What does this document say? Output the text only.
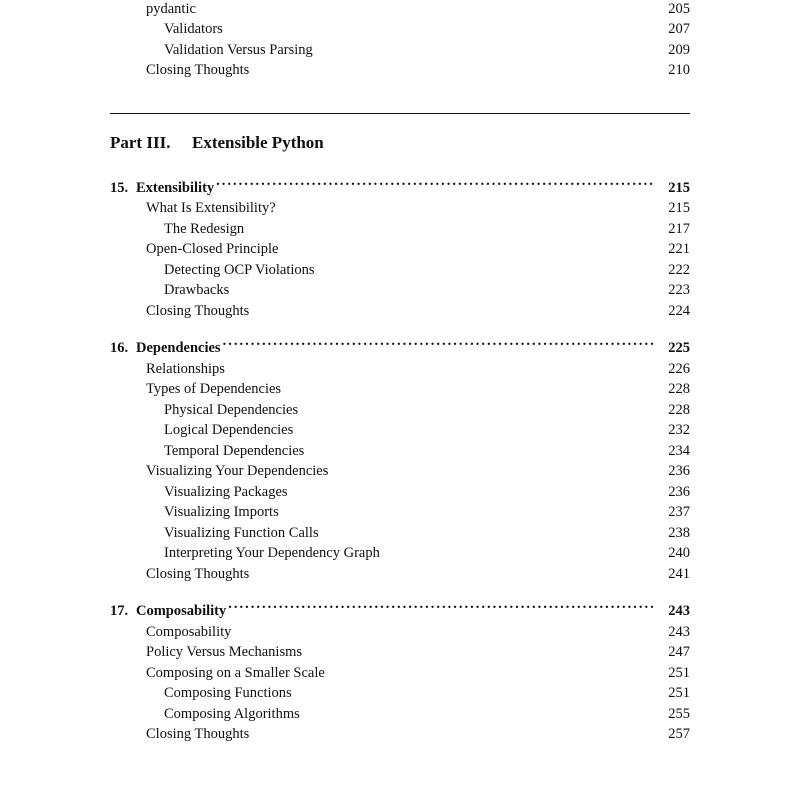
pydantic	205
Validators	207
Validation Versus Parsing	209
Closing Thoughts	210
Part III.	Extensible Python
15. Extensibility .....	215
What Is Extensibility?	215
The Redesign	217
Open-Closed Principle	221
Detecting OCP Violations	222
Drawbacks	223
Closing Thoughts	224
16. Dependencies .....	225
Relationships	226
Types of Dependencies	228
Physical Dependencies	228
Logical Dependencies	232
Temporal Dependencies	234
Visualizing Your Dependencies	236
Visualizing Packages	236
Visualizing Imports	237
Visualizing Function Calls	238
Interpreting Your Dependency Graph	240
Closing Thoughts	241
17. Composability .....	243
Composability	243
Policy Versus Mechanisms	247
Composing on a Smaller Scale	251
Composing Functions	251
Composing Algorithms	255
Closing Thoughts	257
